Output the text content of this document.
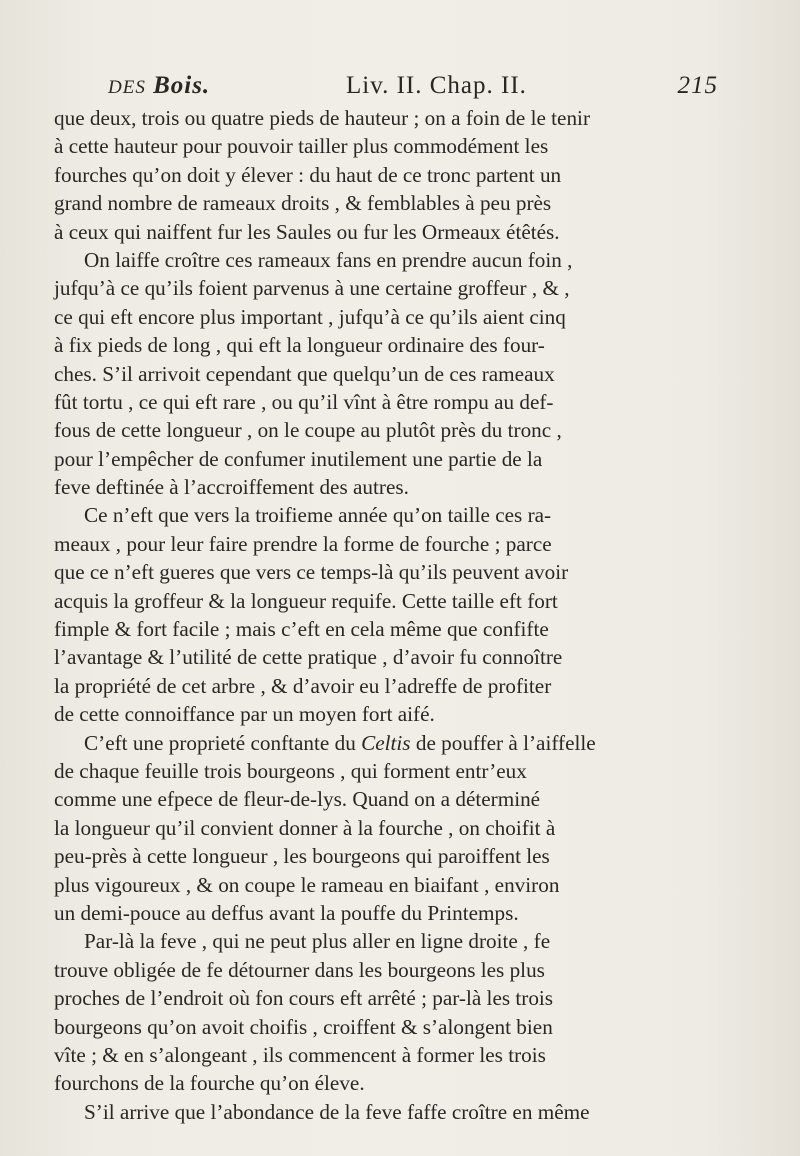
DES Bois.	Liv. II. Chap. II.	215
que deux, trois ou quatre pieds de hauteur ; on a foin de le tenir
à cette hauteur pour pouvoir tailler plus commodément les
fourches qu’on doit y élever : du haut de ce tronc partent un
grand nombre de rameaux droits , & femblables à peu près
à ceux qui naiffent fur les Saules ou fur les Ormeaux étêtés.
On laiffe croître ces rameaux fans en prendre aucun foin ,
jufqu’à ce qu’ils foient parvenus à une certaine groffeur , & ,
ce qui eft encore plus important , jufqu’à ce qu’ils aient cinq
à fix pieds de long , qui eft la longueur ordinaire des four-
ches. S’il arrivoit cependant que quelqu’un de ces rameaux
fût tortu , ce qui eft rare , ou qu’il vînt à être rompu au def-
fous de cette longueur , on le coupe au plutôt près du tronc ,
pour l’empêcher de confumer inutilement une partie de la
feve deftinée à l’accroiffement des autres.
Ce n’eft que vers la troifieme année qu’on taille ces ra-
meaux , pour leur faire prendre la forme de fourche ; parce
que ce n’eft gueres que vers ce temps-là qu’ils peuvent avoir
acquis la groffeur & la longueur requife. Cette taille eft fort
fimple & fort facile ; mais c’eft en cela même que confifte
l’avantage & l’utilité de cette pratique , d’avoir fu connoître
la propriété de cet arbre , & d’avoir eu l’adreffe de profiter
de cette connoiffance par un moyen fort aifé.
C’eft une proprieté conftante du Celtis de pouffer à l’aiffelle
de chaque feuille trois bourgeons , qui forment entr’eux
comme une efpece de fleur-de-lys. Quand on a déterminé
la longueur qu’il convient donner à la fourche , on choifit à
peu-près à cette longueur , les bourgeons qui paroiffent les
plus vigoureux , & on coupe le rameau en biaifant , environ
un demi-pouce au deffus avant la pouffe du Printemps.
Par-là la feve , qui ne peut plus aller en ligne droite , fe
trouve obligée de fe détourner dans les bourgeons les plus
proches de l’endroit où fon cours eft arrêté ; par-là les trois
bourgeons qu’on avoit choifis , croiffent & s’alongent bien
vîte ; & en s’alongeant , ils commencent à former les trois
fourchons de la fourche qu’on éleve.
S’il arrive que l’abondance de la feve faffe croître en même
